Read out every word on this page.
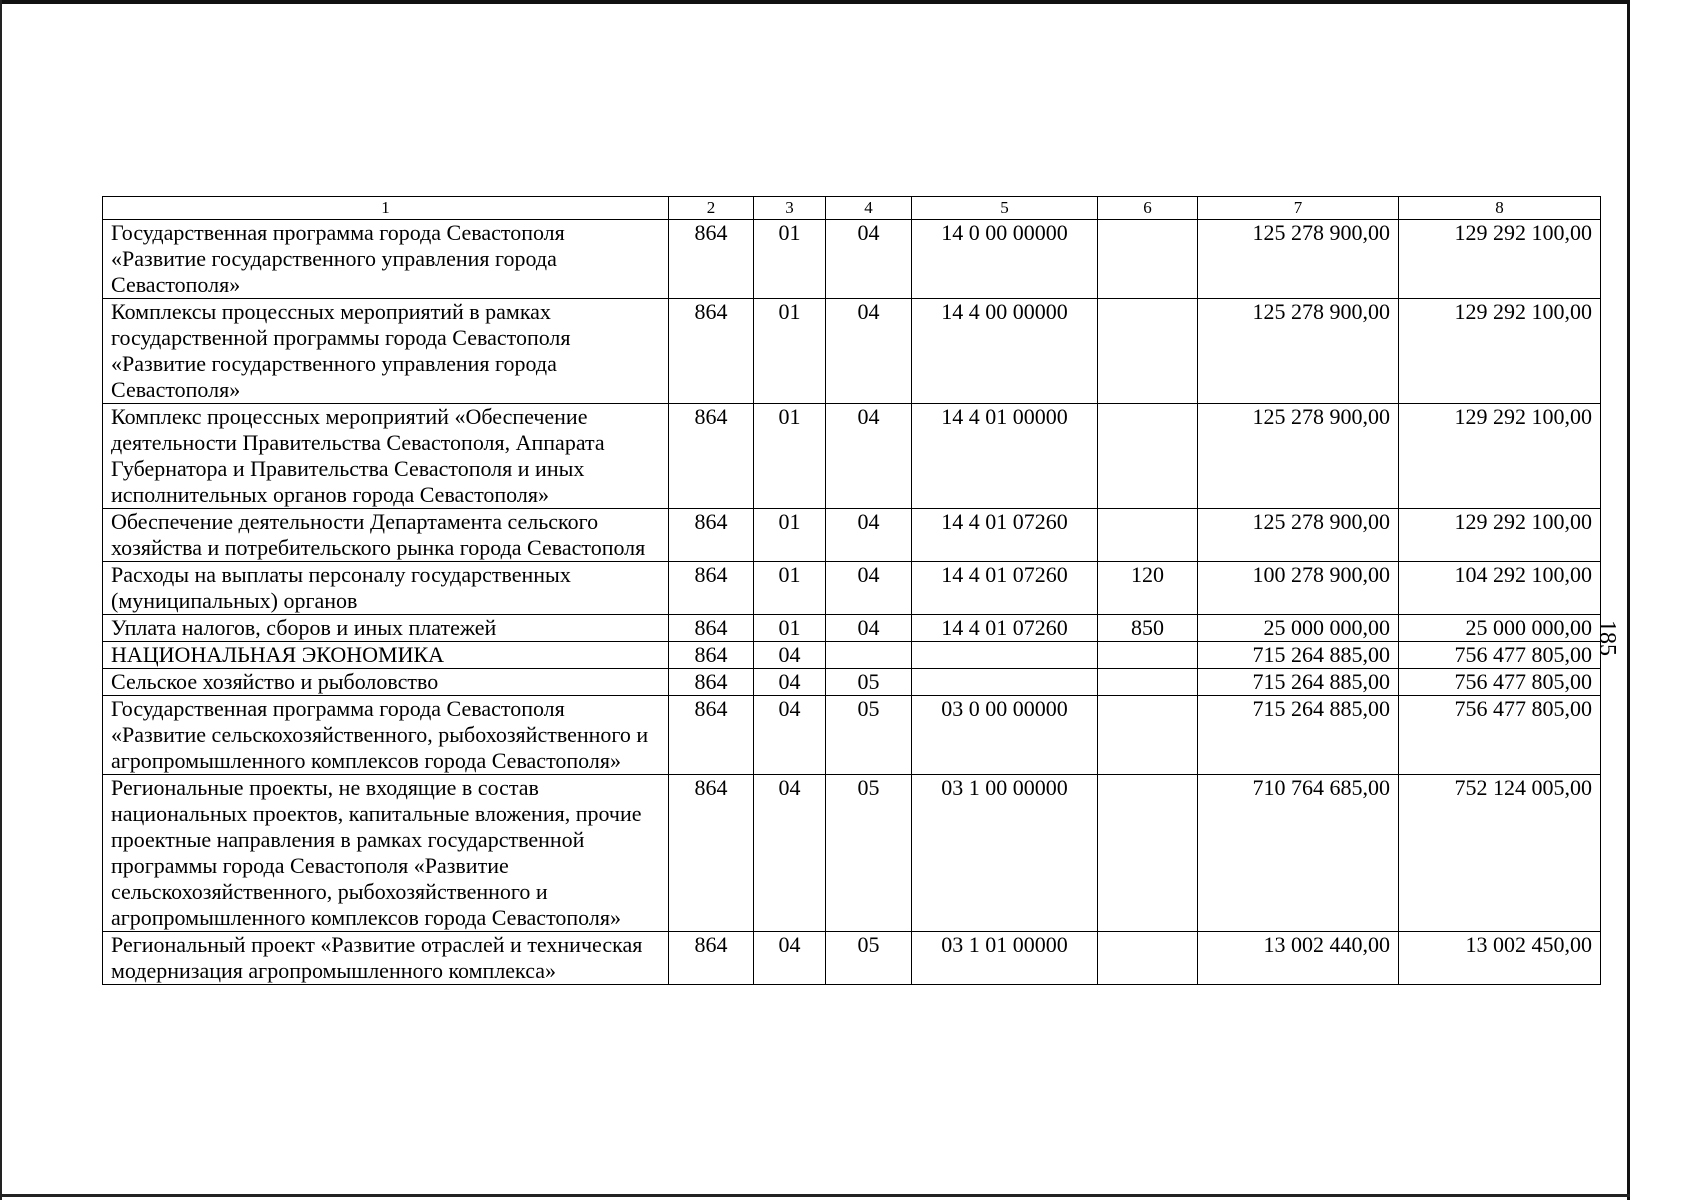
185
1	2	3	4	5	6	7	8
Государственная программа города Севастополя «Развитие государственного управления города Севастополя»	864	01	04	14 0 00 00000		125 278 900,00	129 292 100,00
Комплексы процессных мероприятий в рамках государственной программы города Севастополя «Развитие государственного управления города Севастополя»	864	01	04	14 4 00 00000		125 278 900,00	129 292 100,00
Комплекс процессных мероприятий «Обеспечение деятельности Правительства Севастополя, Аппарата Губернатора и Правительства Севастополя и иных исполнительных органов города Севастополя»	864	01	04	14 4 01 00000		125 278 900,00	129 292 100,00
Обеспечение деятельности Департамента сельского хозяйства и потребительского рынка города Севастополя	864	01	04	14 4 01 07260		125 278 900,00	129 292 100,00
Расходы на выплаты персоналу государственных (муниципальных) органов	864	01	04	14 4 01 07260	120	100 278 900,00	104 292 100,00
Уплата налогов, сборов и иных платежей	864	01	04	14 4 01 07260	850	25 000 000,00	25 000 000,00
НАЦИОНАЛЬНАЯ ЭКОНОМИКА	864	04				715 264 885,00	756 477 805,00
Сельское хозяйство и рыболовство	864	04	05			715 264 885,00	756 477 805,00
Государственная программа города Севастополя «Развитие сельскохозяйственного, рыбохозяйственного и агропромышленного комплексов города Севастополя»	864	04	05	03 0 00 00000		715 264 885,00	756 477 805,00
Региональные проекты, не входящие в состав национальных проектов, капитальные вложения, прочие проектные направления в рамках государственной программы города Севастополя «Развитие сельскохозяйственного, рыбохозяйственного и агропромышленного комплексов города Севастополя»	864	04	05	03 1 00 00000		710 764 685,00	752 124 005,00
Региональный проект «Развитие отраслей и техническая модернизация агропромышленного комплекса»	864	04	05	03 1 01 00000		13 002 440,00	13 002 450,00
